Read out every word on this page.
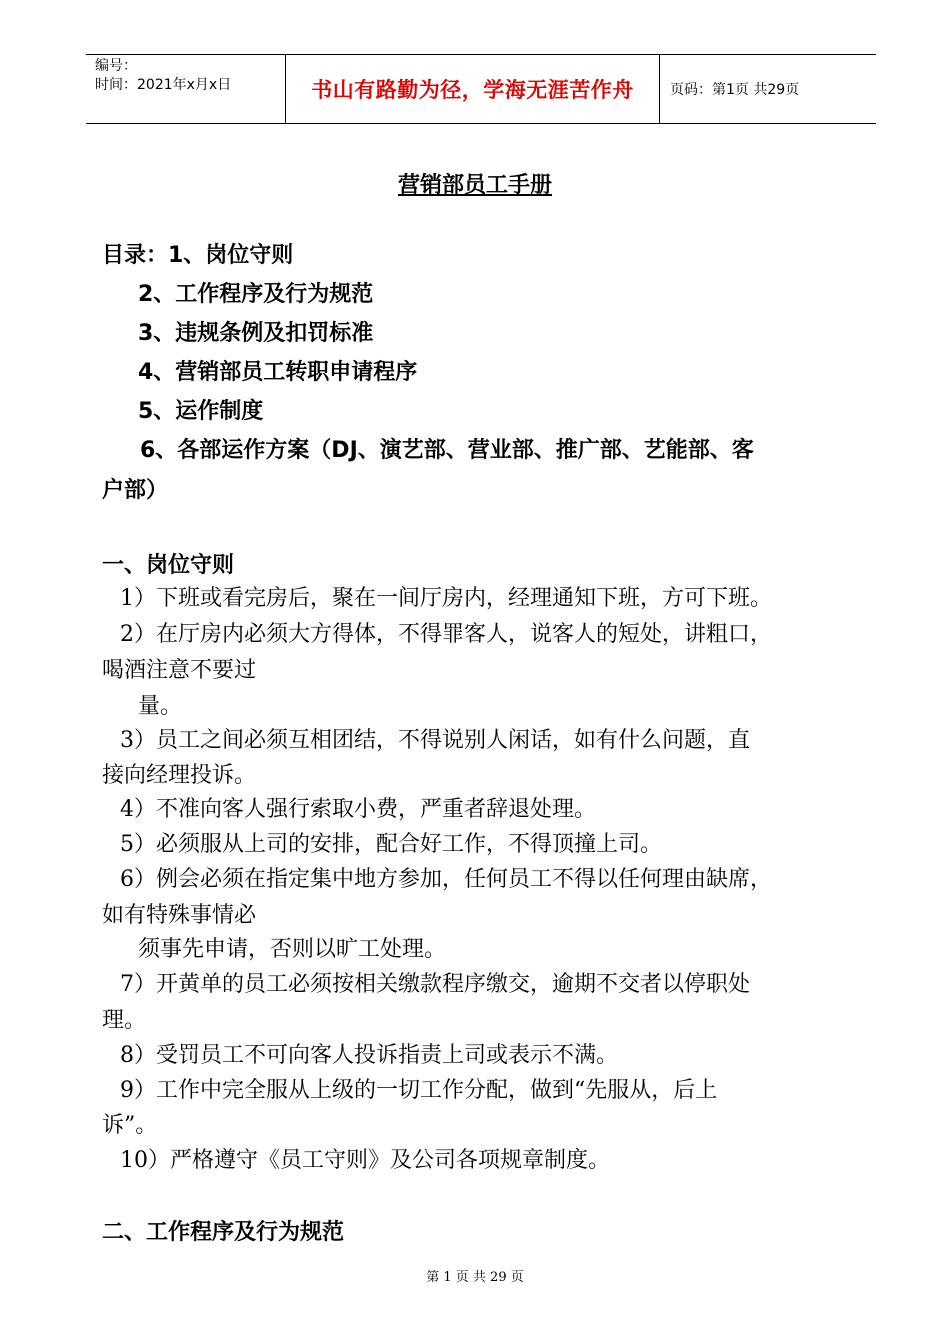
编号：
时间：2021年x月x日	书山有路勤为径，学海无涯苦作舟	页码：第1页 共29页
营销部员工手册
目录：1、岗位守则
2、工作程序及行为规范
3、违规条例及扣罚标准
4、营销部员工转职申请程序
5、运作制度
6、各部运作方案（DJ、演艺部、营业部、推广部、艺能部、客
户部）
一、岗位守则
1）下班或看完房后，聚在一间厅房内，经理通知下班，方可下班。
2）在厅房内必须大方得体，不得罪客人，说客人的短处，讲粗口，
喝酒注意不要过
量。
3）员工之间必须互相团结，不得说别人闲话，如有什么问题，直
接向经理投诉。
4）不准向客人强行索取小费，严重者辞退处理。
5）必须服从上司的安排，配合好工作，不得顶撞上司。
6）例会必须在指定集中地方参加，任何员工不得以任何理由缺席，
如有特殊事情必
须事先申请，否则以旷工处理。
7）开黄单的员工必须按相关缴款程序缴交，逾期不交者以停职处
理。
8）受罚员工不可向客人投诉指责上司或表示不满。
9）工作中完全服从上级的一切工作分配，做到“先服从，后上
诉”。
10）严格遵守《员工守则》及公司各项规章制度。
二、工作程序及行为规范
第 1 页 共 29 页
